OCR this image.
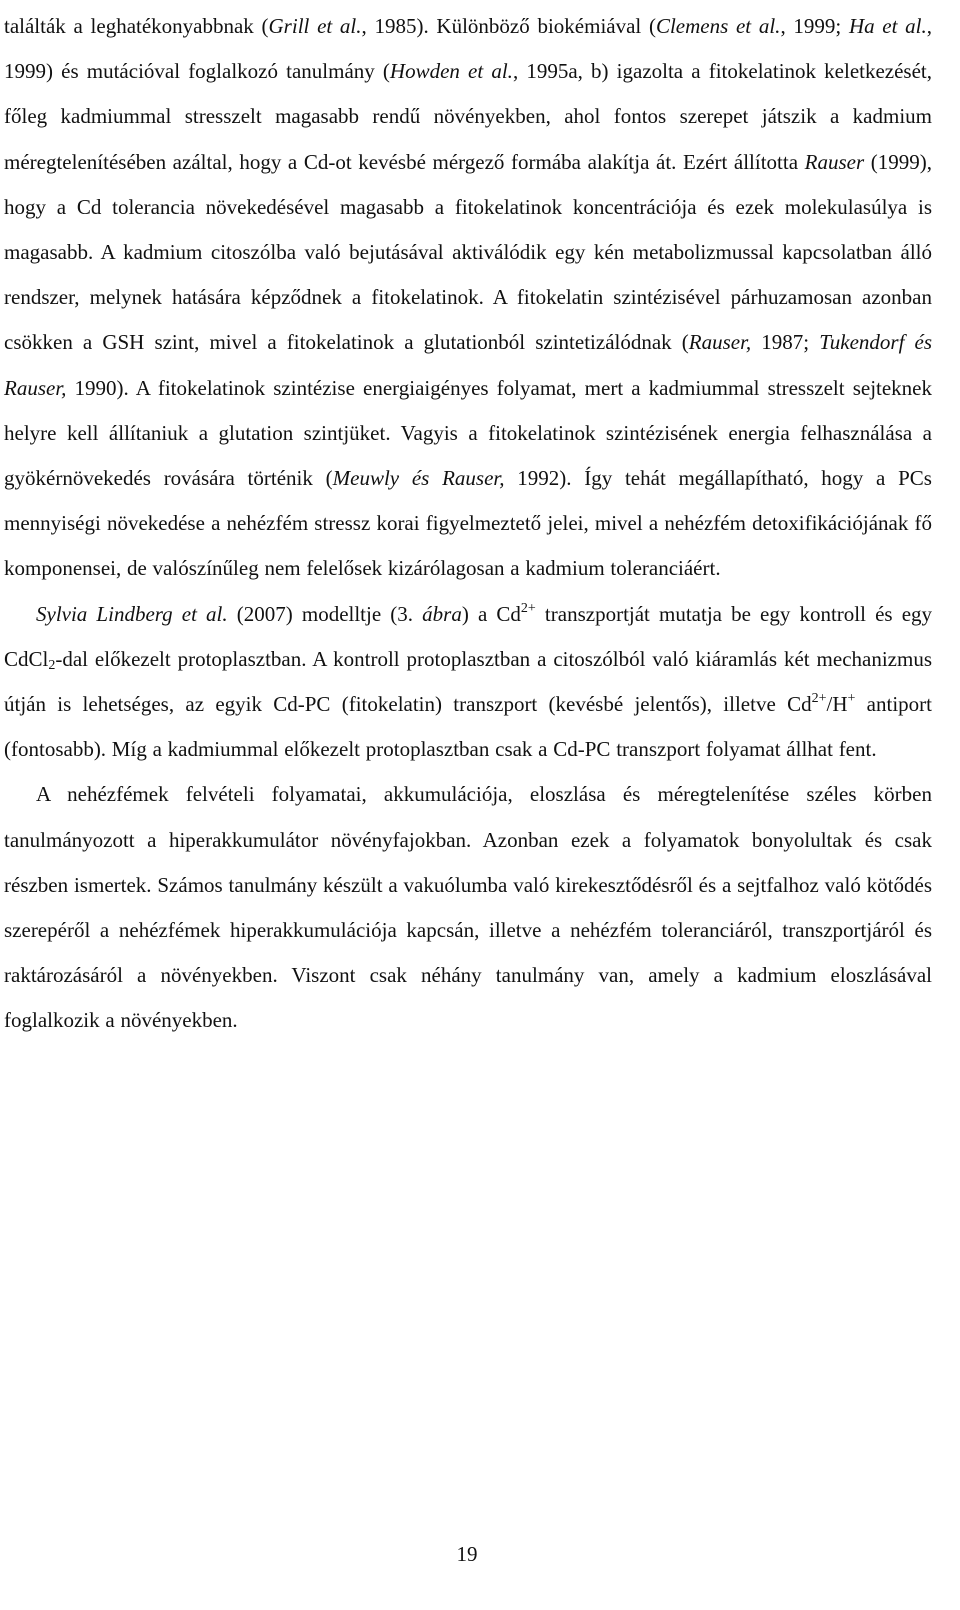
találták a leghatékonyabbnak (Grill et al., 1985). Különböző biokémiával (Clemens et al., 1999; Ha et al., 1999) és mutációval foglalkozó tanulmány (Howden et al., 1995a, b) igazolta a fitokelatinok keletkezését, főleg kadmiummal stresszelt magasabb rendű növényekben, ahol fontos szerepet játszik a kadmium méregtelenítésében azáltal, hogy a Cd-ot kevésbé mérgező formába alakítja át. Ezért állította Rauser (1999), hogy a Cd tolerancia növekedésével magasabb a fitokelatinok koncentrációja és ezek molekulasúlya is magasabb. A kadmium citoszólba való bejutásával aktiválódik egy kén metabolizmussal kapcsolatban álló rendszer, melynek hatására képződnek a fitokelatinok. A fitokelatin szintézisével párhuzamosan azonban csökken a GSH szint, mivel a fitokelatinok a glutationból szintetizálódnak (Rauser, 1987; Tukendorf és Rauser, 1990). A fitokelatinok szintézise energiaigényes folyamat, mert a kadmiummal stresszelt sejteknek helyre kell állítaniuk a glutation szintjüket. Vagyis a fitokelatinok szintézisének energia felhasználása a gyökérnövekedés rovására történik (Meuwly és Rauser, 1992). Így tehát megállapítható, hogy a PCs mennyiségi növekedése a nehézfém stressz korai figyelmeztető jelei, mivel a nehézfém detoxifikációjának fő komponensei, de valószínűleg nem felelősek kizárólagosan a kadmium toleranciáért.

Sylvia Lindberg et al. (2007) modelltje (3. ábra) a $Cd^{2+}$ transzportját mutatja be egy kontroll és egy CdCl$_2$-dal előkezelt protoplasztban. A kontroll protoplasztban a citoszólból való kiáramlás két mechanizmus útján is lehetséges, az egyik Cd-PC (fitokelatin) transzport (kevésbé jelentős), illetve $Cd^{2+}/H^+$ antiport (fontosabb). Míg a kadmiummal előkezelt protoplasztban csak a Cd-PC transzport folyamat állhat fent.

A nehézfémek felvételi folyamatai, akkumulációja, eloszlása és méregtelenítése széles körben tanulmányozott a hiperakkumulátor növényfajokban. Azonban ezek a folyamatok bonyolultak és csak részben ismertek. Számos tanulmány készült a vakuólumba való kirekesztődésről és a sejtfalhoz való kötődés szerepéről a nehézfémek hiperakkumulációja kapcsán, illetve a nehézfém toleranciáról, transzportjáról és raktározásáról a növényekben. Viszont csak néhány tanulmány van, amely a kadmium eloszlásával foglalkozik a növényekben.

19
